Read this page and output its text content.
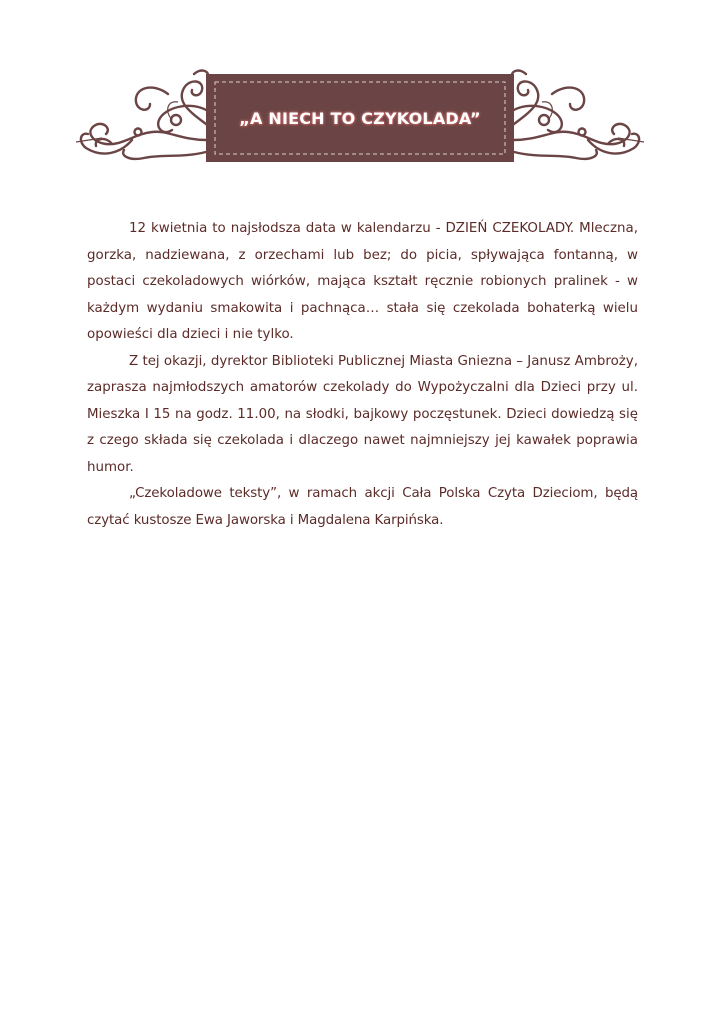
„A NIECH TO CZYKOLADA”

12 kwietnia to najsłodsza data w kalendarzu - DZIEŃ CZEKOLADY. Mleczna, gorzka, nadziewana, z orzechami lub bez; do picia, spływająca fontanną, w postaci czekoladowych wiórków, mająca kształt ręcznie robionych pralinek - w każdym wydaniu smakowita i pachnąca… stała się czekolada bohaterką wielu opowieści dla dzieci i nie tylko.

Z tej okazji, dyrektor Biblioteki Publicznej Miasta Gniezna – Janusz Ambroży, zaprasza najmłodszych amatorów czekolady do Wypożyczalni dla Dzieci przy ul. Mieszka I 15 na godz. 11.00, na słodki, bajkowy poczęstunek. Dzieci dowiedzą się z czego składa się czekolada i dlaczego nawet najmniejszy jej kawałek poprawia humor.

„Czekoladowe teksty”, w ramach akcji Cała Polska Czyta Dzieciom, będą czytać kustosze Ewa Jaworska i Magdalena Karpińska.
